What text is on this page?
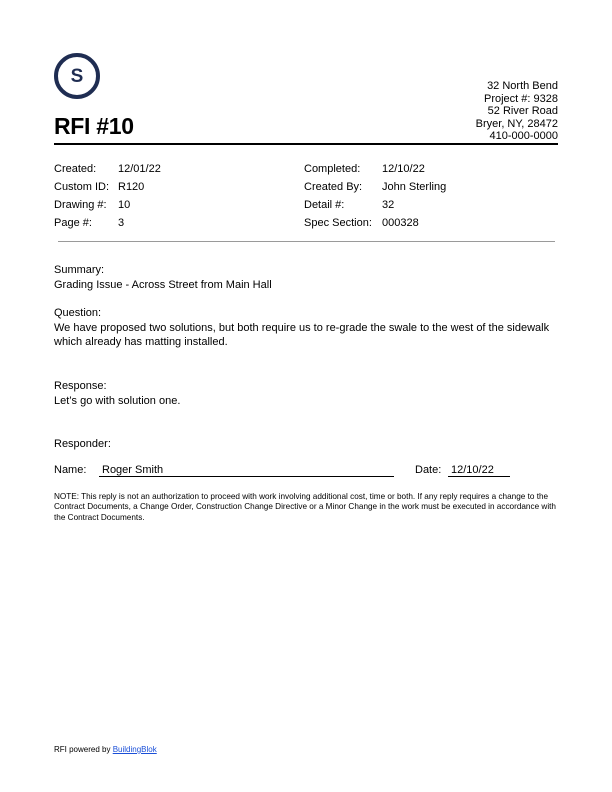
S
RFI #10
32 North Bend
Project #: 9328
52 River Road
Bryer, NY, 28472
410-000-0000
Created: 12/01/22
Custom ID: R120
Drawing #: 10
Page #: 3
Completed: 12/10/22
Created By: John Sterling
Detail #:	32
Spec Section: 000328
Summary:
Grading Issue - Across Street from Main Hall
Question:
We have proposed two solutions, but both require us to re-grade the swale to the west of the sidewalk which already has matting installed.
Response:
Let’s go with solution one.
Responder:
Name: Roger Smith	Date: 12/10/22
NOTE: This reply is not an authorization to proceed with work involving additional cost, time or both. If any reply requires a change to the Contract Documents, a Change Order, Construction Change Directive or a Minor Change in the work must be executed in accordance with the Contract Documents.
RFI powered by BuildingBlok
